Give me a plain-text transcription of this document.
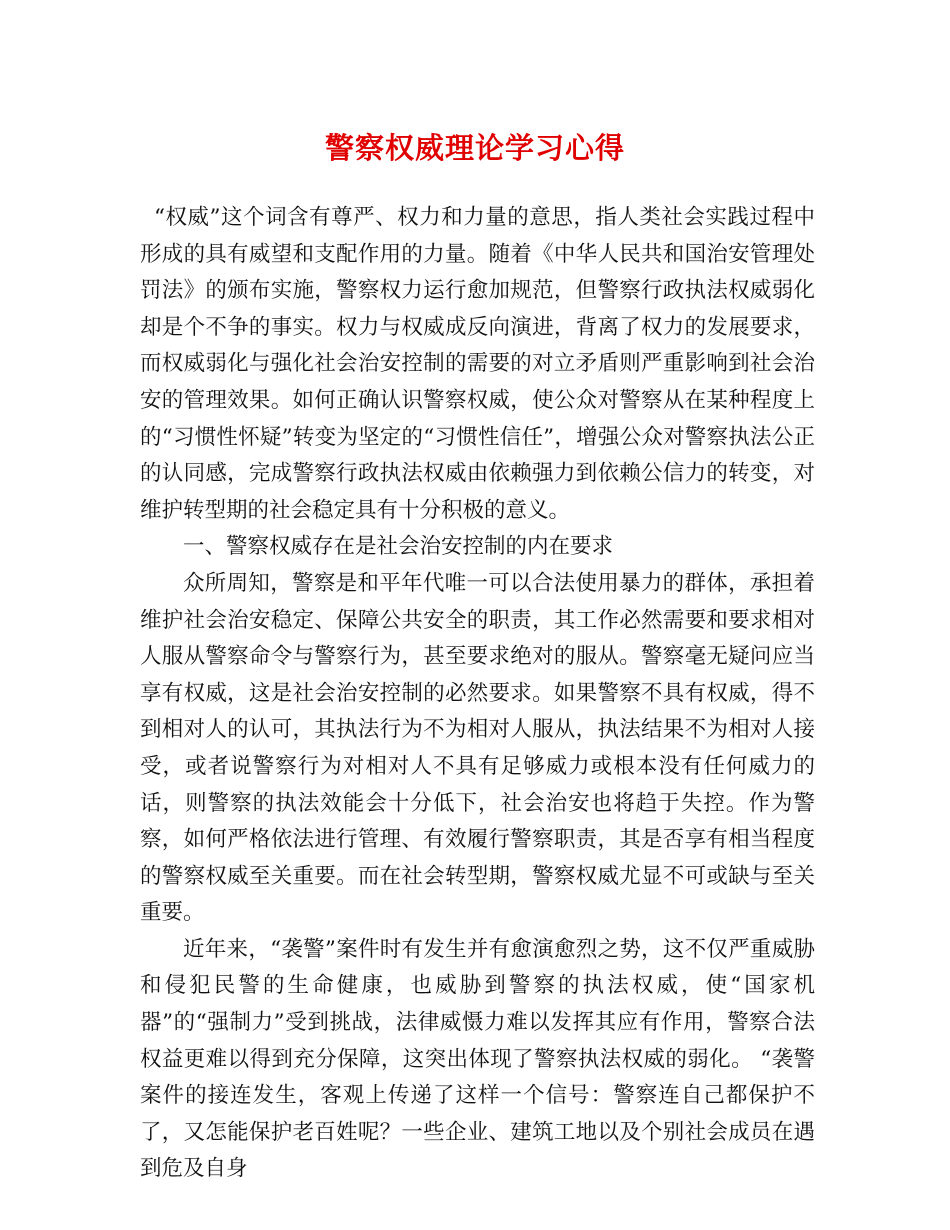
警察权威理论学习心得

“权威”这个词含有尊严、权力和力量的意思，指人类社会实践过程中形成的具有威望和支配作用的力量。随着《中华人民共和国治安管理处罚法》的颁布实施，警察权力运行愈加规范，但警察行政执法权威弱化却是个不争的事实。权力与权威成反向演进，背离了权力的发展要求，而权威弱化与强化社会治安控制的需要的对立矛盾则严重影响到社会治安的管理效果。如何正确认识警察权威，使公众对警察从在某种程度上的“习惯性怀疑”转变为坚定的“习惯性信任”，增强公众对警察执法公正的认同感，完成警察行政执法权威由依赖强力到依赖公信力的转变，对维护转型期的社会稳定具有十分积极的意义。

一、警察权威存在是社会治安控制的内在要求

众所周知，警察是和平年代唯一可以合法使用暴力的群体，承担着维护社会治安稳定、保障公共安全的职责，其工作必然需要和要求相对人服从警察命令与警察行为，甚至要求绝对的服从。警察毫无疑问应当享有权威，这是社会治安控制的必然要求。如果警察不具有权威，得不到相对人的认可，其执法行为不为相对人服从，执法结果不为相对人接受，或者说警察行为对相对人不具有足够威力或根本没有任何威力的话，则警察的执法效能会十分低下，社会治安也将趋于失控。作为警察，如何严格依法进行管理、有效履行警察职责，其是否享有相当程度的警察权威至关重要。而在社会转型期，警察权威尤显不可或缺与至关重要。

近年来，“袭警”案件时有发生并有愈演愈烈之势，这不仅严重威胁和侵犯民警的生命健康，也威胁到警察的执法权威，使“国家机器”的“强制力”受到挑战，法律威慑力难以发挥其应有作用，警察合法权益更难以得到充分保障，这突出体现了警察执法权威的弱化。 “袭警案件的接连发生，客观上传递了这样一个信号：警察连自己都保护不了，又怎能保护老百姓呢？一些企业、建筑工地以及个别社会成员在遇到危及自身
